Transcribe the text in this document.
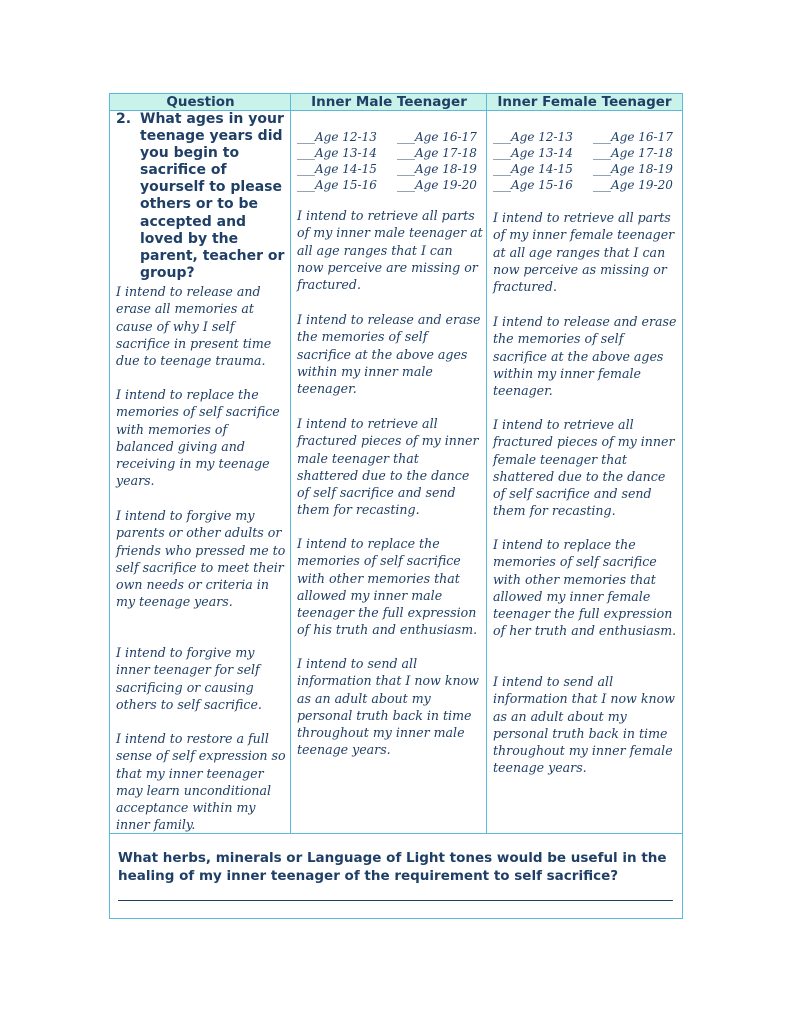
Question	Inner Male Teenager	Inner Female Teenager
2. What ages in your teenage years did you begin to sacrifice of yourself to please others or to be accepted and loved by the parent, teacher or group?
I intend to release and erase all memories at cause of why I self sacrifice in present time due to teenage trauma.
I intend to replace the memories of self sacrifice with memories of balanced giving and receiving in my teenage years.
I intend to forgive my parents or other adults or friends who pressed me to self sacrifice to meet their own needs or criteria in my teenage years.
I intend to forgive my inner teenager for self sacrificing or causing others to self sacrifice.
I intend to restore a full sense of self expression so that my inner teenager may learn unconditional acceptance within my inner family.
___Age 12-13
___Age 13-14
___Age 14-15
___Age 15-16
___Age 16-17
___Age 17-18
___Age 18-19
___Age 19-20
I intend to retrieve all parts of my inner male teenager at all age ranges that I can now perceive are missing or fractured.
I intend to release and erase the memories of self sacrifice at the above ages within my inner male teenager.
I intend to retrieve all fractured pieces of my inner male teenager that shattered due to the dance of self sacrifice and send them for recasting.
I intend to replace the memories of self sacrifice with other memories that allowed my inner male teenager the full expression of his truth and enthusiasm.
I intend to send all information that I now know as an adult about my personal truth back in time throughout my inner male teenage years.
___Age 12-13
___Age 13-14
___Age 14-15
___Age 15-16
___Age 16-17
___Age 17-18
___Age 18-19
___Age 19-20
I intend to retrieve all parts of my inner female teenager at all age ranges that I can now perceive as missing or fractured.
I intend to release and erase the memories of self sacrifice at the above ages within my inner female teenager.
I intend to retrieve all fractured pieces of my inner female teenager that shattered due to the dance of self sacrifice and send them for recasting.
I intend to replace the memories of self sacrifice with other memories that allowed my inner female teenager the full expression of her truth and enthusiasm.
I intend to send all information that I now know as an adult about my personal truth back in time throughout my inner female teenage years.
What herbs, minerals or Language of Light tones would be useful in the healing of my inner teenager of the requirement to self sacrifice?
